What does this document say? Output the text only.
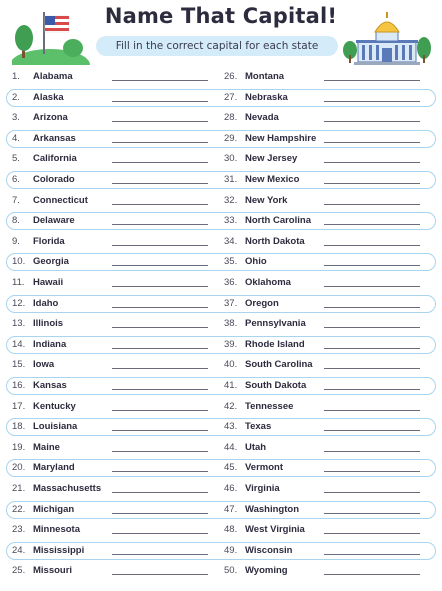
Name That Capital!
Fill in the correct capital for each state
1. Alabama	26. Montana
2. Alaska	27. Nebraska
3. Arizona	28. Nevada
4. Arkansas	29. New Hampshire
5. California	30. New Jersey
6. Colorado	31. New Mexico
7. Connecticut	32. New York
8. Delaware	33. North Carolina
9. Florida	34. North Dakota
10. Georgia	35. Ohio
11. Hawaii	36. Oklahoma
12. Idaho	37. Oregon
13. Illinois	38. Pennsylvania
14. Indiana	39. Rhode Island
15. Iowa	40. South Carolina
16. Kansas	41. South Dakota
17. Kentucky	42. Tennessee
18. Louisiana	43. Texas
19. Maine	44. Utah
20. Maryland	45. Vermont
21. Massachusetts	46. Virginia
22. Michigan	47. Washington
23. Minnesota	48. West Virginia
24. Mississippi	49. Wisconsin
25. Missouri	50. Wyoming
